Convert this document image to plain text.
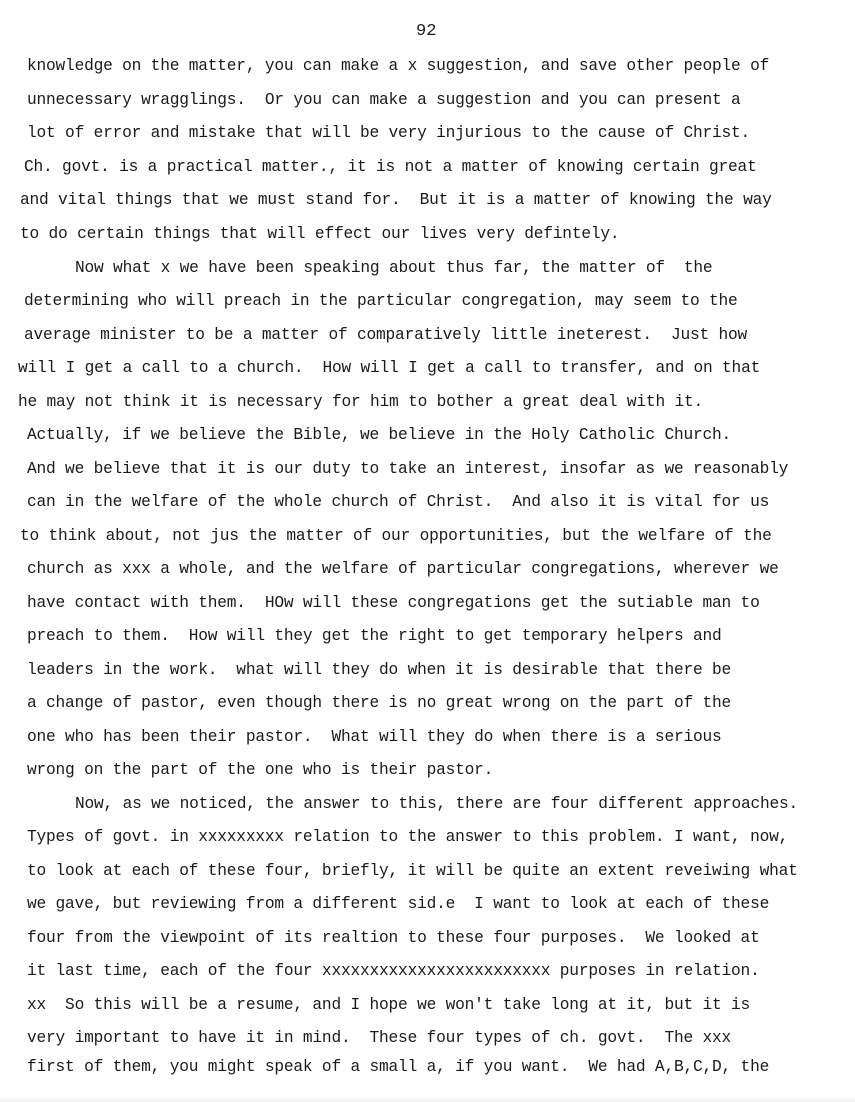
92
knowledge on the matter, you can make a x suggestion, and save other people of
unnecessary wragglings.  Or you can make a suggestion and you can present a
lot of error and mistake that will be very injurious to the cause of Christ.
Ch. govt. is a practical matter., it is not a matter of knowing certain great
and vital things that we must stand for.  But it is a matter of knowing the way
to do certain things that will effect our lives very defintely.
Now what x we have been speaking about thus far, the matter of  the
determining who will preach in the particular congregation, may seem to the
average minister to be a matter of comparatively little ineterest.  Just how
will I get a call to a church.  How will I get a call to transfer, and on that
he may not think it is necessary for him to bother a great deal with it.
Actually, if we believe the Bible, we believe in the Holy Catholic Church.
And we believe that it is our duty to take an interest, insofar as we reasonably
can in the welfare of the whole church of Christ.  And also it is vital for us
to think about, not jus the matter of our opportunities, but the welfare of the
church as xxx a whole, and the welfare of particular congregations, wherever we
have contact with them.  HOw will these congregations get the sutiable man to
preach to them.  How will they get the right to get temporary helpers and
leaders in the work.  what will they do when it is desirable that there be
a change of pastor, even though there is no great wrong on the part of the
one who has been their pastor.  What will they do when there is a serious
wrong on the part of the one who is their pastor.
Now, as we noticed, the answer to this, there are four different approaches.
Types of govt. in xxxxxxxxx relation to the answer to this problem. I want, now,
to look at each of these four, briefly, it will be quite an extent reveiwing what
we gave, but reviewing from a different sid.e  I want to look at each of these
four from the viewpoint of its realtion to these four purposes.  We looked at
it last time, each of the four xxxxxxxxxxxxxxxxxxxxxxxx purposes in relation.
xx  So this will be a resume, and I hope we won't take long at it, but it is
very important to have it in mind.  These four types of ch. govt.  The xxx
first of them, you might speak of a small a, if you want.  We had A,B,C,D, the
